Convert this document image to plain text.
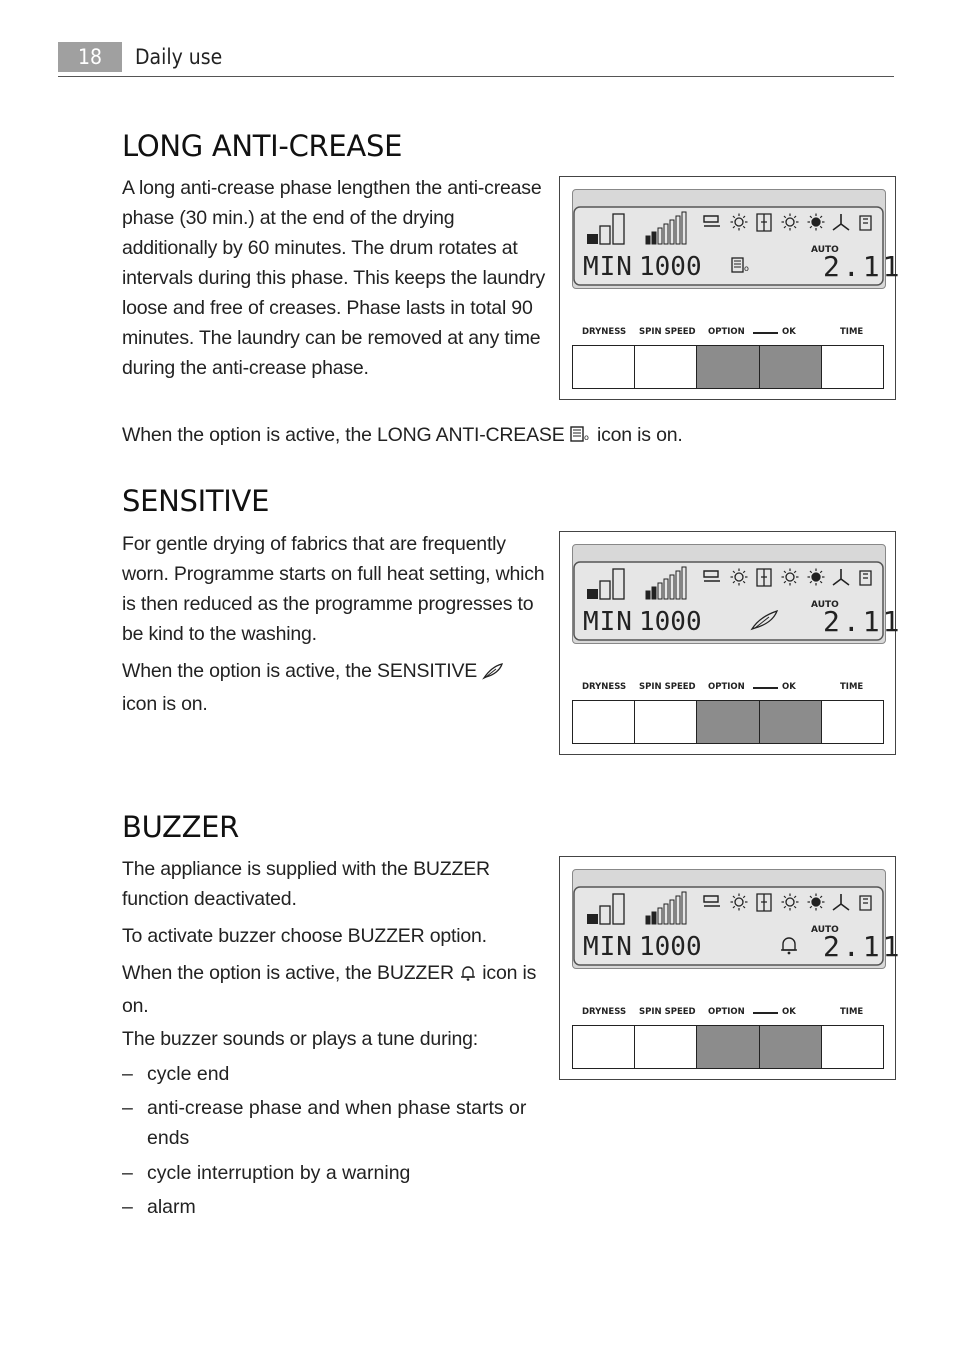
18	Daily use
LONG ANTI-CREASE

A long anti-crease phase lengthen the anti-crease phase (30 min.) at the end of the drying additionally by 60 minutes. The drum rotates at intervals during this phase. This keeps the laundry loose and free of creases. Phase lasts in total 90 minutes. The laundry can be removed at any time during the anti-crease phase.

When the option is active, the LONG ANTI-CREASE o icon is on.

SENSITIVE

For gentle drying of fabrics that are frequently worn. Programme starts on full heat setting, which is then reduced as the programme progresses to be kind to the washing.

When the option is active, the SENSITIVE
icon is on.

BUZZER

The appliance is supplied with the BUZZER function deactivated.

To activate buzzer choose BUZZER option.

When the option is active, the BUZZER icon is on.

The buzzer sounds or plays a tune during:

– cycle end
– anti-crease phase and when phase starts or ends
– cycle interruption by a warning
– alarm
MIN 1000
AUTO
2.11
o
DRYNESS SPIN SPEED OPTION	OK	TIME
MIN 1000
AUTO
2.11
DRYNESS SPIN SPEED OPTION	OK	TIME
MIN 1000
AUTO
2.11
DRYNESS SPIN SPEED OPTION	OK	TIME
